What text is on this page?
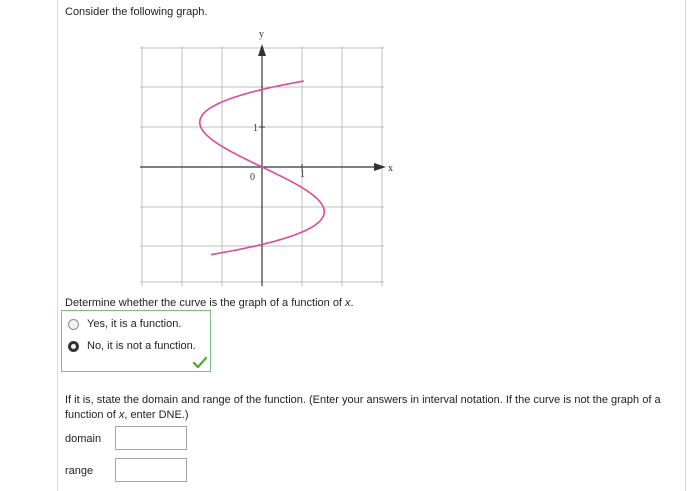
Consider the following graph.
y
x
0	1
1
Determine whether the curve is the graph of a function of x.
Yes, it is a function.
No, it is not a function.
If it is, state the domain and range of the function. (Enter your answers in interval notation. If the curve is not the graph of a function of x, enter DNE.)
domain
range
